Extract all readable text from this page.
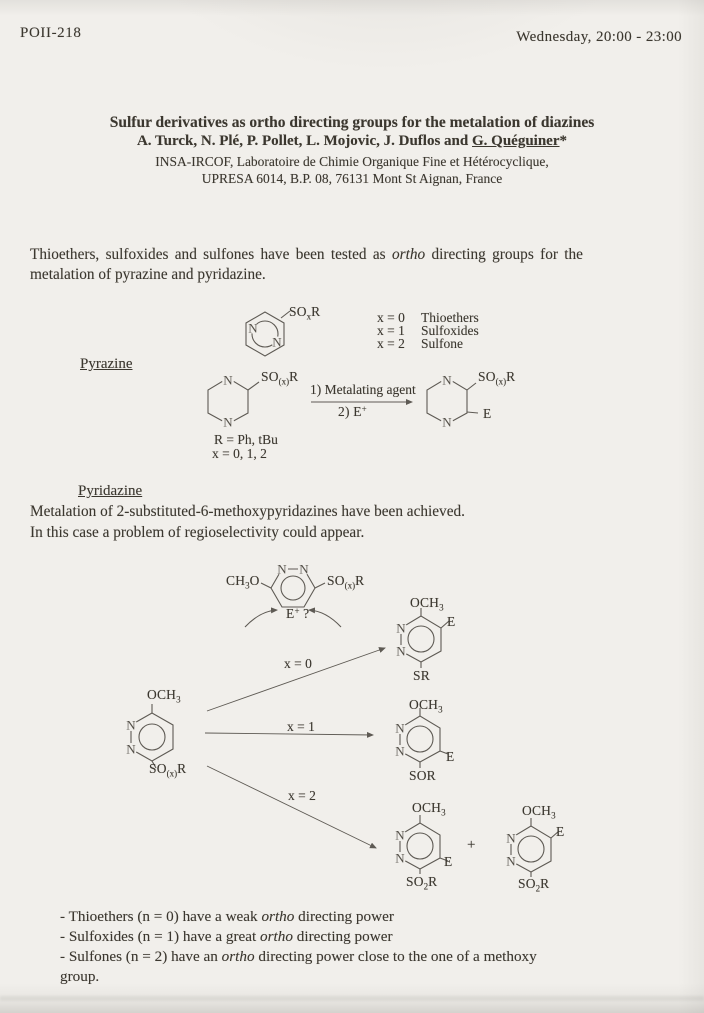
N
N
N
N
N
N
N N
N
N
N
N
N
N
N
N
N
N
POII-218	Wednesday, 20:00 - 23:00
Sulfur derivatives as ortho directing groups for the metalation of diazines
A. Turck, N. Plé, P. Pollet, L. Mojovic, J. Duflos and G. Quéguiner*
INSA-IRCOF, Laboratoire de Chimie Organique Fine et Hétérocyclique,
UPRESA 6014, B.P. 08, 76131 Mont St Aignan, France
Thioethers, sulfoxides and sulfones have been tested as ortho directing groups for the
metalation of pyrazine and pyridazine.
$SO_xR$	x = 0 Thioethers
x = 1 Sulfoxides
x = 2 Sulfone
Pyrazine
$SO_{(x)}R$
1) Metalating agent
2) E+
$SO_{(x)}R$
E
R = Ph, tBu
x = 0, 1, 2
Pyridazine
Metalation of 2-substituted-6-methoxypyridazines have been achieved.
In this case a problem of regioselectivity could appear.
$CH_3O$	$SO_{(x)}R$
E+ ?
$OCH_3$
$SO_{(x)}R$
x = 0
x = 1
x = 2
$OCH_3$
E
SR
$OCH_3$
E
SOR
$OCH_3$
E
$SO_2R$
+
$OCH_3$
E
$SO_2R$
- Thioethers (n = 0) have a weak ortho directing power
- Sulfoxides (n = 1) have a great ortho directing power
- Sulfones (n = 2) have an ortho directing power close to the one of a methoxy
group.
